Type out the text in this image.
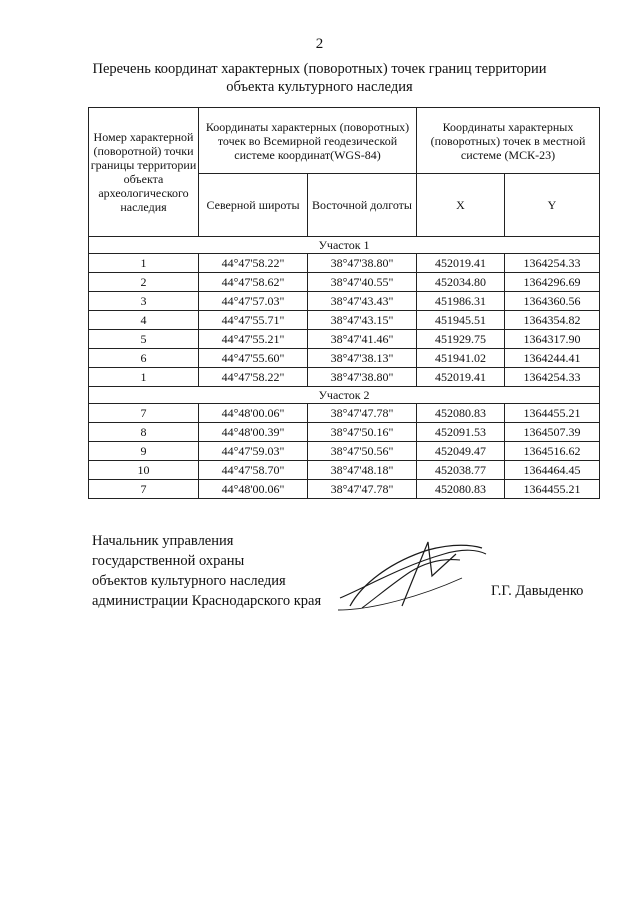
2
Перечень координат характерных (поворотных) точек границ территории
объекта культурного наследия
Номер характерной (поворотной) точки границы территории объекта археологического наследия	Координаты характерных (поворотных) точек во Всемирной геодезической системе координат(WGS-84)		Координаты характерных (поворотных) точек в местной системе (МСК-23)	
	Северной широты	Восточной долготы	X	Y
Участок 1				
1	44°47'58.22"	38°47'38.80"	452019.41	1364254.33
2	44°47'58.62"	38°47'40.55"	452034.80	1364296.69
3	44°47'57.03"	38°47'43.43"	451986.31	1364360.56
4	44°47'55.71"	38°47'43.15"	451945.51	1364354.82
5	44°47'55.21"	38°47'41.46"	451929.75	1364317.90
6	44°47'55.60"	38°47'38.13"	451941.02	1364244.41
1	44°47'58.22"	38°47'38.80"	452019.41	1364254.33
Участок 2				
7	44°48'00.06"	38°47'47.78"	452080.83	1364455.21
8	44°48'00.39"	38°47'50.16"	452091.53	1364507.39
9	44°47'59.03"	38°47'50.56"	452049.47	1364516.62
10	44°47'58.70"	38°47'48.18"	452038.77	1364464.45
7	44°48'00.06"	38°47'47.78"	452080.83	1364455.21
Начальник управления
государственной охраны
объектов культурного наследия
администрации Краснодарского края
Г.Г. Давыденко
